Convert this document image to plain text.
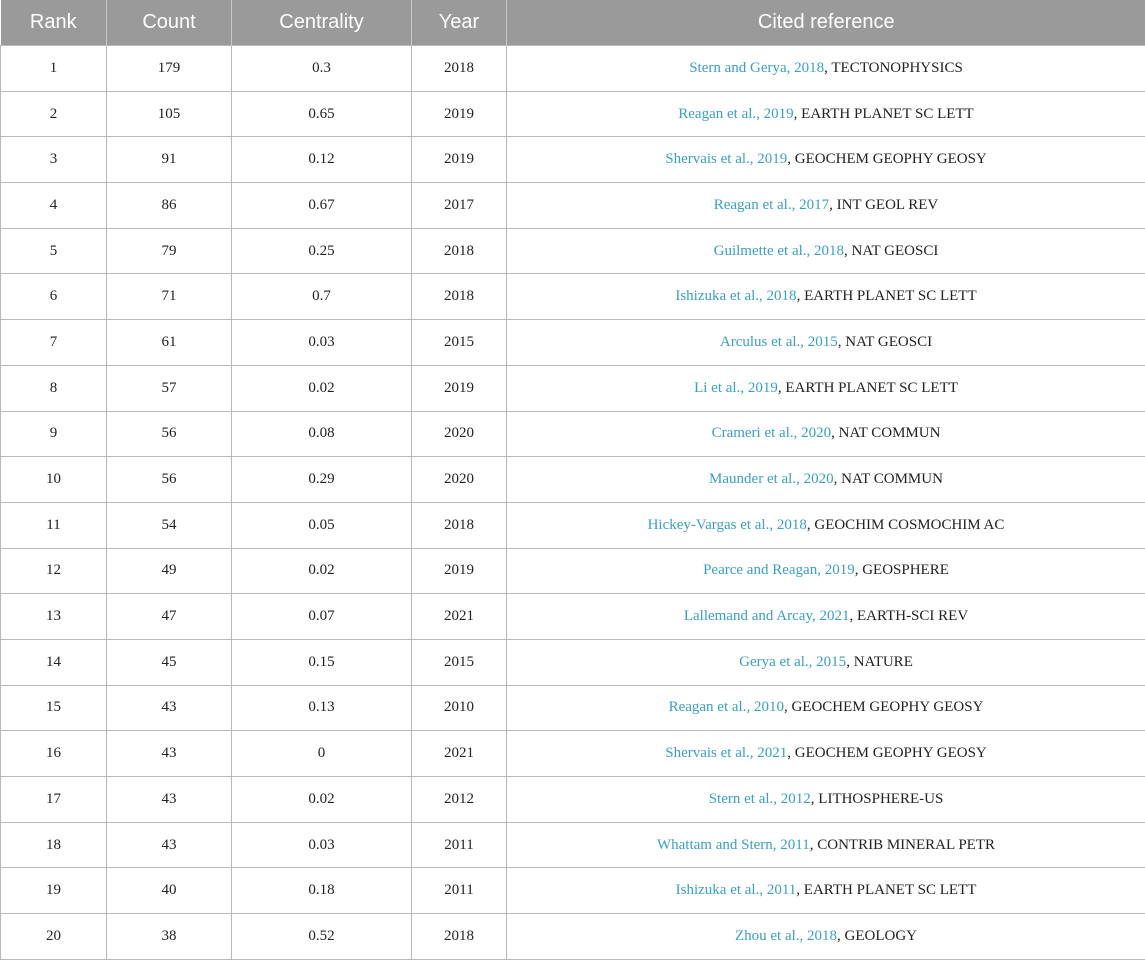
Rank	Count	Centrality	Year	Cited reference
1	179	0.3	2018	Stern and Gerya, 2018, TECTONOPHYSICS
2	105	0.65	2019	Reagan et al., 2019, EARTH PLANET SC LETT
3	91	0.12	2019	Shervais et al., 2019, GEOCHEM GEOPHY GEOSY
4	86	0.67	2017	Reagan et al., 2017, INT GEOL REV
5	79	0.25	2018	Guilmette et al., 2018, NAT GEOSCI
6	71	0.7	2018	Ishizuka et al., 2018, EARTH PLANET SC LETT
7	61	0.03	2015	Arculus et al., 2015, NAT GEOSCI
8	57	0.02	2019	Li et al., 2019, EARTH PLANET SC LETT
9	56	0.08	2020	Crameri et al., 2020, NAT COMMUN
10	56	0.29	2020	Maunder et al., 2020, NAT COMMUN
11	54	0.05	2018	Hickey-Vargas et al., 2018, GEOCHIM COSMOCHIM AC
12	49	0.02	2019	Pearce and Reagan, 2019, GEOSPHERE
13	47	0.07	2021	Lallemand and Arcay, 2021, EARTH-SCI REV
14	45	0.15	2015	Gerya et al., 2015, NATURE
15	43	0.13	2010	Reagan et al., 2010, GEOCHEM GEOPHY GEOSY
16	43	0	2021	Shervais et al., 2021, GEOCHEM GEOPHY GEOSY
17	43	0.02	2012	Stern et al., 2012, LITHOSPHERE-US
18	43	0.03	2011	Whattam and Stern, 2011, CONTRIB MINERAL PETR
19	40	0.18	2011	Ishizuka et al., 2011, EARTH PLANET SC LETT
20	38	0.52	2018	Zhou et al., 2018, GEOLOGY
